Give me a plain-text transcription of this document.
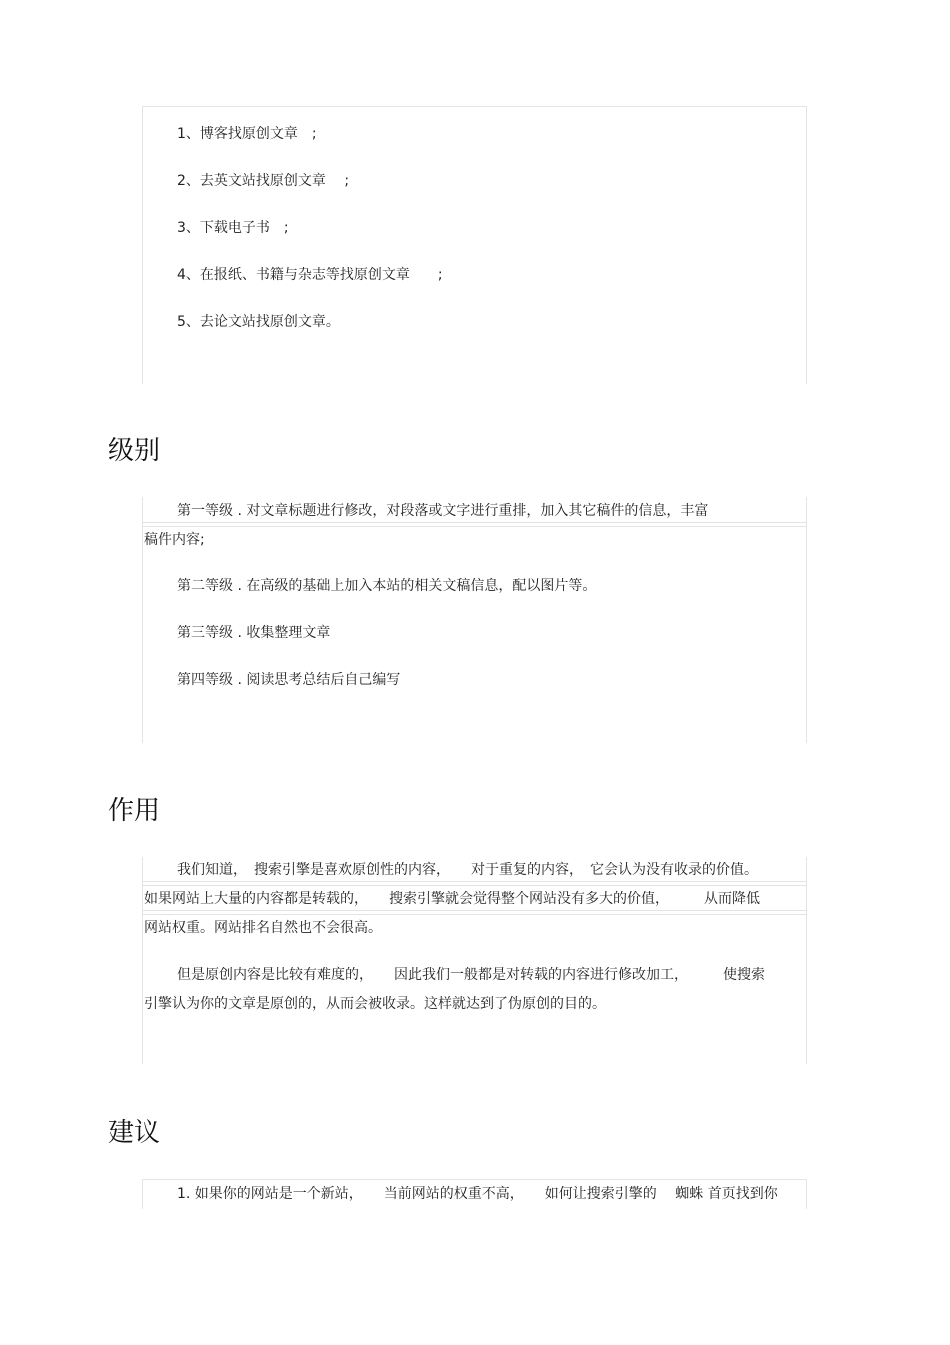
1、博客找原创文章　;
2、去英文站找原创文章　 ;
3、下载电子书　;
4、在报纸、书籍与杂志等找原创文章　　;
5、去论文站找原创文章。
级别
第一等级 . 对文章标题进行修改，对段落或文字进行重排，加入其它稿件的信息，丰富
稿件内容;
第二等级 . 在高级的基础上加入本站的相关文稿信息，配以图片等。
第三等级 . 收集整理文章
第四等级 . 阅读思考总结后自己编写
作用
我们知道，　搜索引擎是喜欢原创性的内容，　　对于重复的内容，　它会认为没有收录的价值。
如果网站上大量的内容都是转载的，　　搜索引擎就会觉得整个网站没有多大的价值，　　　从而降低
网站权重。网站排名自然也不会很高。
但是原创内容是比较有难度的，　　因此我们一般都是对转载的内容进行修改加工，　　　使搜索
引擎认为你的文章是原创的，从而会被收录。这样就达到了伪原创的目的。
建议
1. 如果你的网站是一个新站，　　当前网站的权重不高，　　如何让搜索引擎的　 蜘蛛 首页找到你
